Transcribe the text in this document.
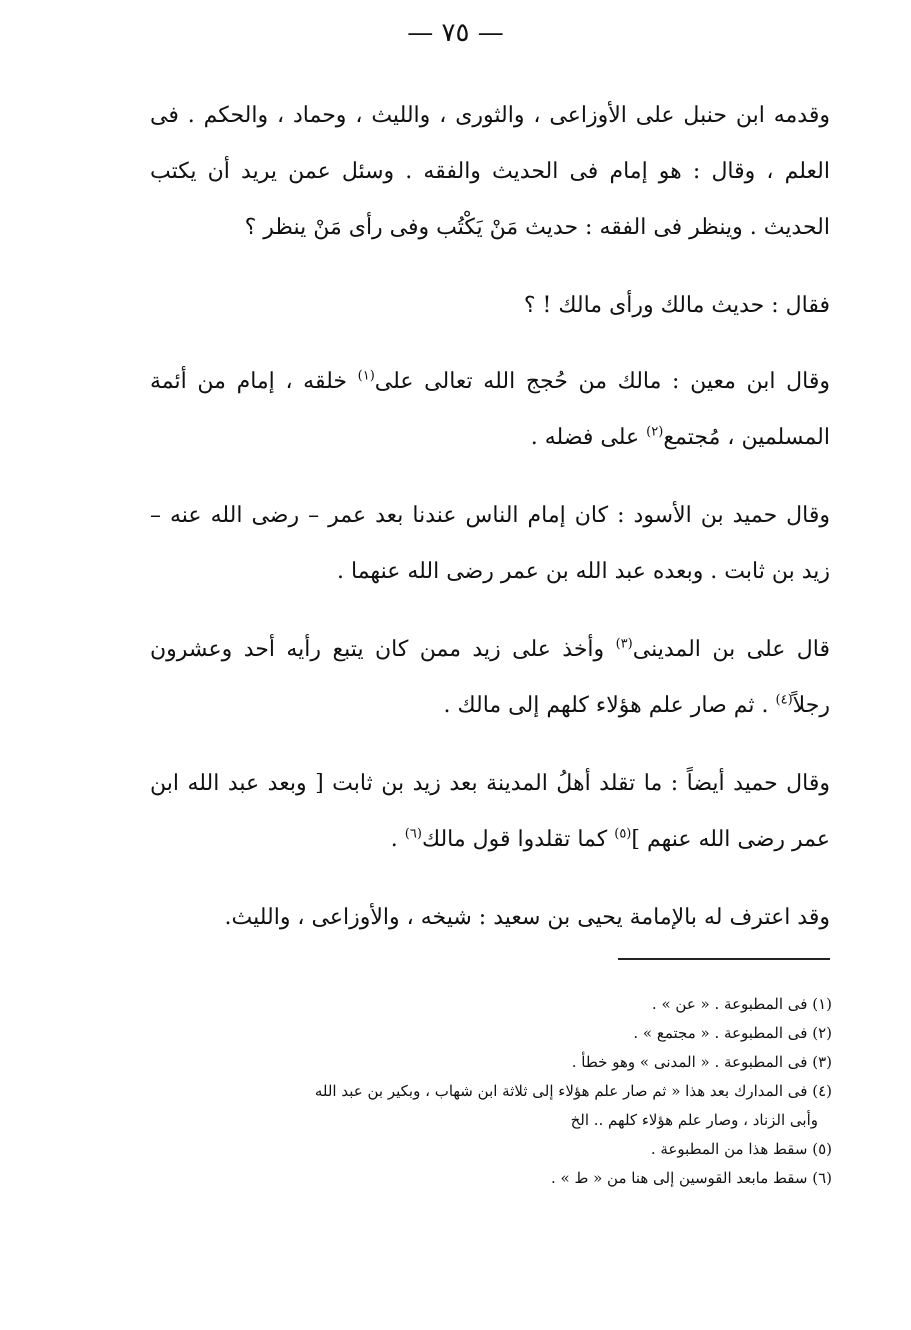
— ٧٥ —

وقدمه ابن حنبل على الأوزاعى ، والثورى ، والليث ، وحماد ، والحكم . فى العلم ، وقال : هو إمام فى الحديث والفقه . وسئل عمن يريد أن يكتب الحديث . وينظر فى الفقه : حديث مَنْ يَكْتُب وفى رأى مَنْ ينظر ؟

فقال : حديث مالك ورأى مالك ! ؟

وقال ابن معين : مالك من حُجج الله تعالى على$^{(١)}$ خلقه ، إمام من أئمة المسلمين ، مُجتمع$^{(٢)}$ على فضله .

وقال حميد بن الأسود : كان إمام الناس عندنا بعد عمر – رضى الله عنه – زيد بن ثابت . وبعده عبد الله بن عمر رضى الله عنهما .

قال على بن المدينى$^{(٣)}$ وأخذ على زيد ممن كان يتبع رأيه أحد وعشرون رجلاً$^{(٤)}$ . ثم صار علم هؤلاء كلهم إلى مالك .

وقال حميد أيضاً : ما تقلد أهلُ المدينة بعد زيد بن ثابت [ وبعد عبد الله ابن عمر رضى الله عنهم ]$^{(٥)}$ كما تقلدوا قول مالك$^{(٦)}$ .

وقد اعترف له بالإمامة يحيى بن سعيد : شيخه ، والأوزاعى ، والليث.

(١) فى المطبوعة . « عن » .

(٢) فى المطبوعة . « مجتمع » .

(٣) فى المطبوعة . « المدنى » وهو خطأ .

(٤) فى المدارك بعد هذا « ثم صار علم هؤلاء إلى ثلاثة ابن شهاب ، وبكير بن عبد الله

وأبى الزناد ، وصار علم هؤلاء كلهم .. الخ

(٥) سقط هذا من المطبوعة .

(٦) سقط مابعد القوسين إلى هنا من « ط » .
